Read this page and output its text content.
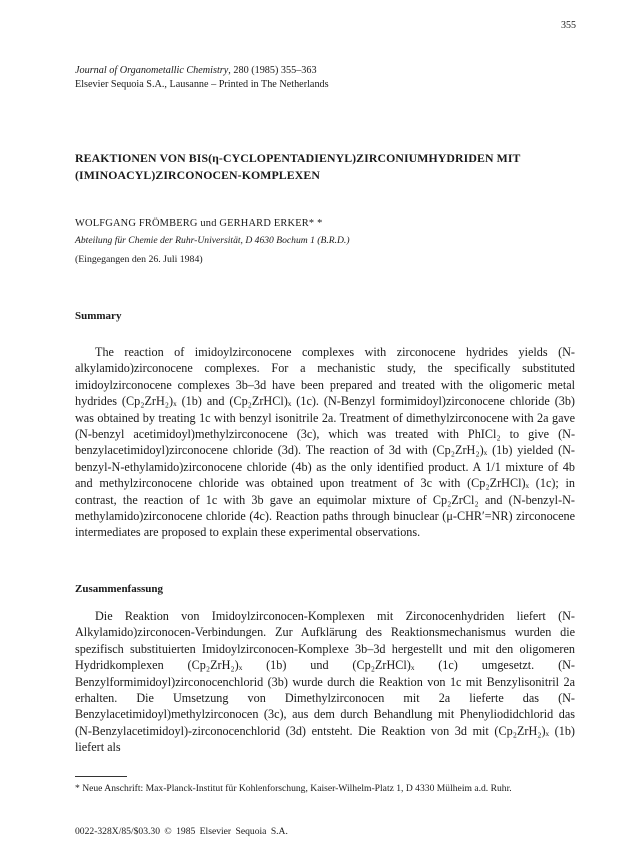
355
Journal of Organometallic Chemistry, 280 (1985) 355–363
Elsevier Sequoia S.A., Lausanne – Printed in The Netherlands
REAKTIONEN VON BIS(η-CYCLOPENTADIENYL)ZIRCONIUMHYDRIDEN MIT (IMINOACYL)ZIRCONOCEN-KOMPLEXEN
WOLFGANG FRÖMBERG und GERHARD ERKER* *
Abteilung für Chemie der Ruhr-Universität, D 4630 Bochum 1 (B.R.D.)
(Eingegangen den 26. Juli 1984)
Summary
The reaction of imidoylzirconocene complexes with zirconocene hydrides yields (N-alkylamido)zirconocene complexes. For a mechanistic study, the specifically substituted imidoylzirconocene complexes 3b–3d have been prepared and treated with the oligomeric metal hydrides (Cp₂ZrH₂)ₓ (1b) and (Cp₂ZrHCl)ₓ (1c). (N-Benzyl formimidoyl)zirconocene chloride (3b) was obtained by treating 1c with benzyl isonitrile 2a. Treatment of dimethylzirconocene with 2a gave (N-benzyl acetimidoyl)methylzirconocene (3c), which was treated with PhICl₂ to give (N-benzylacetimidoyl)zirconocene chloride (3d). The reaction of 3d with (Cp₂ZrH₂)ₓ (1b) yielded (N-benzyl-N-ethylamido)zirconocene chloride (4b) as the only identified product. A 1/1 mixture of 4b and methylzirconocene chloride was obtained upon treatment of 3c with (Cp₂ZrHCl)ₓ (1c); in contrast, the reaction of 1c with 3b gave an equimolar mixture of Cp₂ZrCl₂ and (N-benzyl-N-methylamido)zirconocene chloride (4c). Reaction paths through binuclear (μ-CHR′=NR) zirconocene intermediates are proposed to explain these experimental observations.
Zusammenfassung
Die Reaktion von Imidoylzirconocen-Komplexen mit Zirconocenhydriden liefert (N-Alkylamido)zirconocen-Verbindungen. Zur Aufklärung des Reaktionsmechanismus wurden die spezifisch substituierten Imidoylzirconocen-Komplexe 3b–3d hergestellt und mit den oligomeren Hydridkomplexen (Cp₂ZrH₂)ₓ (1b) und (Cp₂ZrHCl)ₓ (1c) umgesetzt. (N-Benzylformimidoyl)zirconocenchlorid (3b) wurde durch die Reaktion von 1c mit Benzylisonitril 2a erhalten. Die Umsetzung von Dimethylzirconocen mit 2a lieferte das (N-Benzylacetimidoyl)methylzirconocen (3c), aus dem durch Behandlung mit Phenyliodidchlorid das (N-Benzylacetimidoyl)-zirconocenchlorid (3d) entsteht. Die Reaktion von 3d mit (Cp₂ZrH₂)ₓ (1b) liefert als
* Neue Anschrift: Max-Planck-Institut für Kohlenforschung, Kaiser-Wilhelm-Platz 1, D 4330 Mülheim a.d. Ruhr.
0022-328X/85/$03.30 © 1985 Elsevier Sequoia S.A.
